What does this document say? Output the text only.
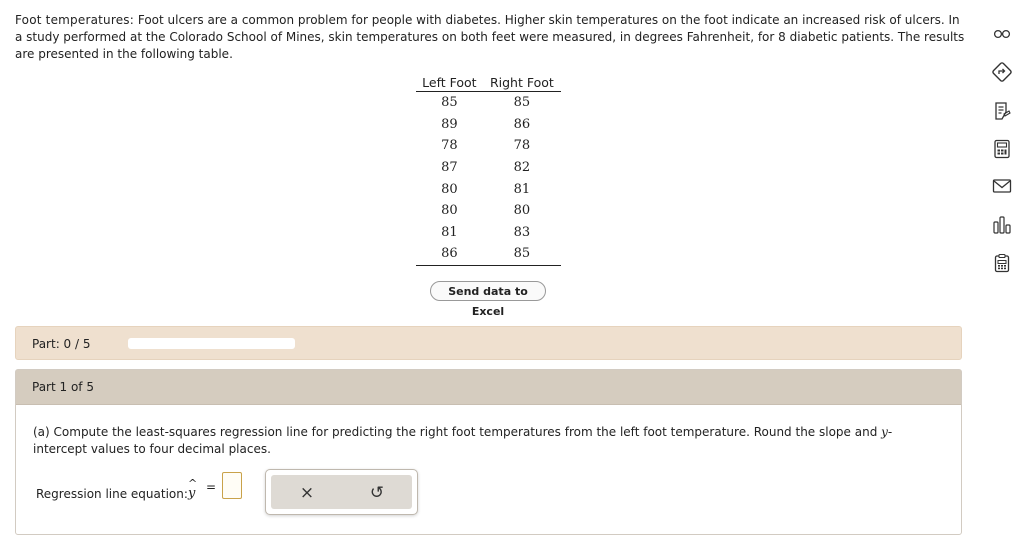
Foot temperatures: Foot ulcers are a common problem for people with diabetes. Higher skin temperatures on the foot indicate an increased risk of ulcers. In a study performed at the Colorado School of Mines, skin temperatures on both feet were measured, in degrees Fahrenheit, for 8 diabetic patients. The results are presented in the following table.
Left Foot	Right Foot
85	85
89	86
78	78
87	82
80	81
80	80
81	83
86	85
Send data to Excel
Part: 0 / 5
Part 1 of 5
(a) Compute the least-squares regression line for predicting the right foot temperatures from the left foot temperature. Round the slope and y-intercept values to four decimal places.
Regression line equation:
^
y =	×	↺
